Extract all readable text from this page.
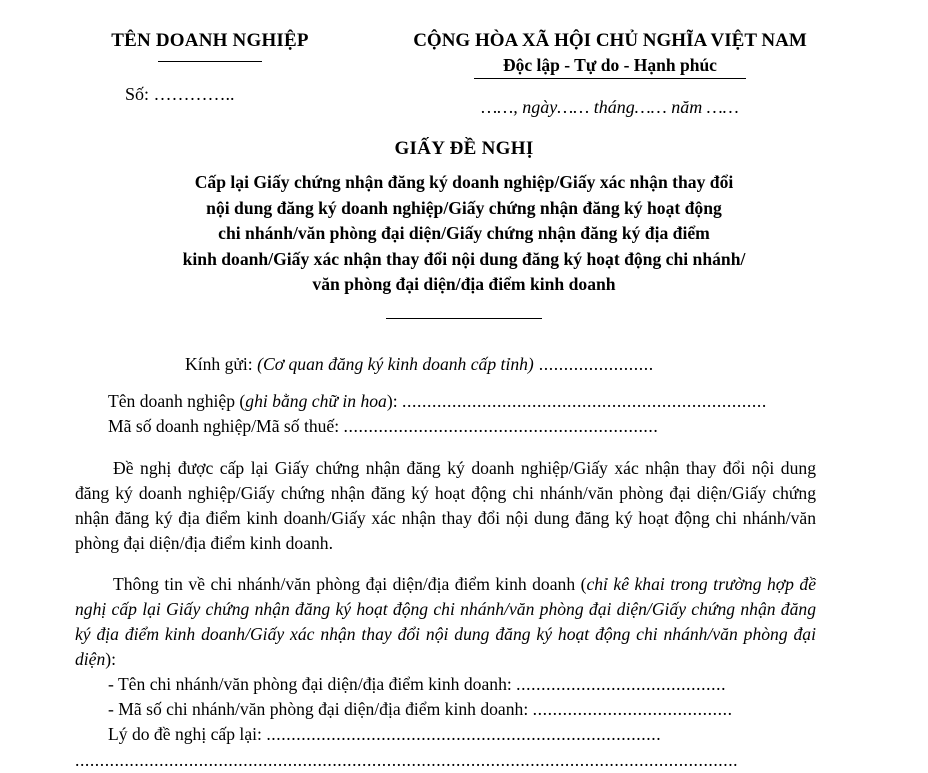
TÊN DOANH NGHIỆP
Số: …………..
CỘNG HÒA XÃ HỘI CHỦ NGHĨA VIỆT NAM
Độc lập - Tự do - Hạnh phúc
……, ngày…… tháng…… năm ……
GIẤY ĐỀ NGHỊ
Cấp lại Giấy chứng nhận đăng ký doanh nghiệp/Giấy xác nhận thay đổi
nội dung đăng ký doanh nghiệp/Giấy chứng nhận đăng ký hoạt động
chi nhánh/văn phòng đại diện/Giấy chứng nhận đăng ký địa điểm
kinh doanh/Giấy xác nhận thay đổi nội dung đăng ký hoạt động chi nhánh/
văn phòng đại diện/địa điểm kinh doanh
Kính gửi: (Cơ quan đăng ký kinh doanh cấp tỉnh) .......................
Tên doanh nghiệp (ghi bằng chữ in hoa): .........................................................................
Mã số doanh nghiệp/Mã số thuế: ...............................................................
Đề nghị được cấp lại Giấy chứng nhận đăng ký doanh nghiệp/Giấy xác nhận thay đổi nội dung đăng ký doanh nghiệp/Giấy chứng nhận đăng ký hoạt động chi nhánh/văn phòng đại diện/Giấy chứng nhận đăng ký địa điểm kinh doanh/Giấy xác nhận thay đổi nội dung đăng ký hoạt động chi nhánh/văn phòng đại diện/địa điểm kinh doanh.
Thông tin về chi nhánh/văn phòng đại diện/địa điểm kinh doanh (chỉ kê khai trong trường hợp đề nghị cấp lại Giấy chứng nhận đăng ký hoạt động chi nhánh/văn phòng đại diện/Giấy chứng nhận đăng ký địa điểm kinh doanh/Giấy xác nhận thay đổi nội dung đăng ký hoạt động chi nhánh/văn phòng đại diện):
- Tên chi nhánh/văn phòng đại diện/địa điểm kinh doanh: ..........................................
- Mã số chi nhánh/văn phòng đại diện/địa điểm kinh doanh: ........................................
Lý do đề nghị cấp lại: ...............................................................................
......................................................................................................................................
